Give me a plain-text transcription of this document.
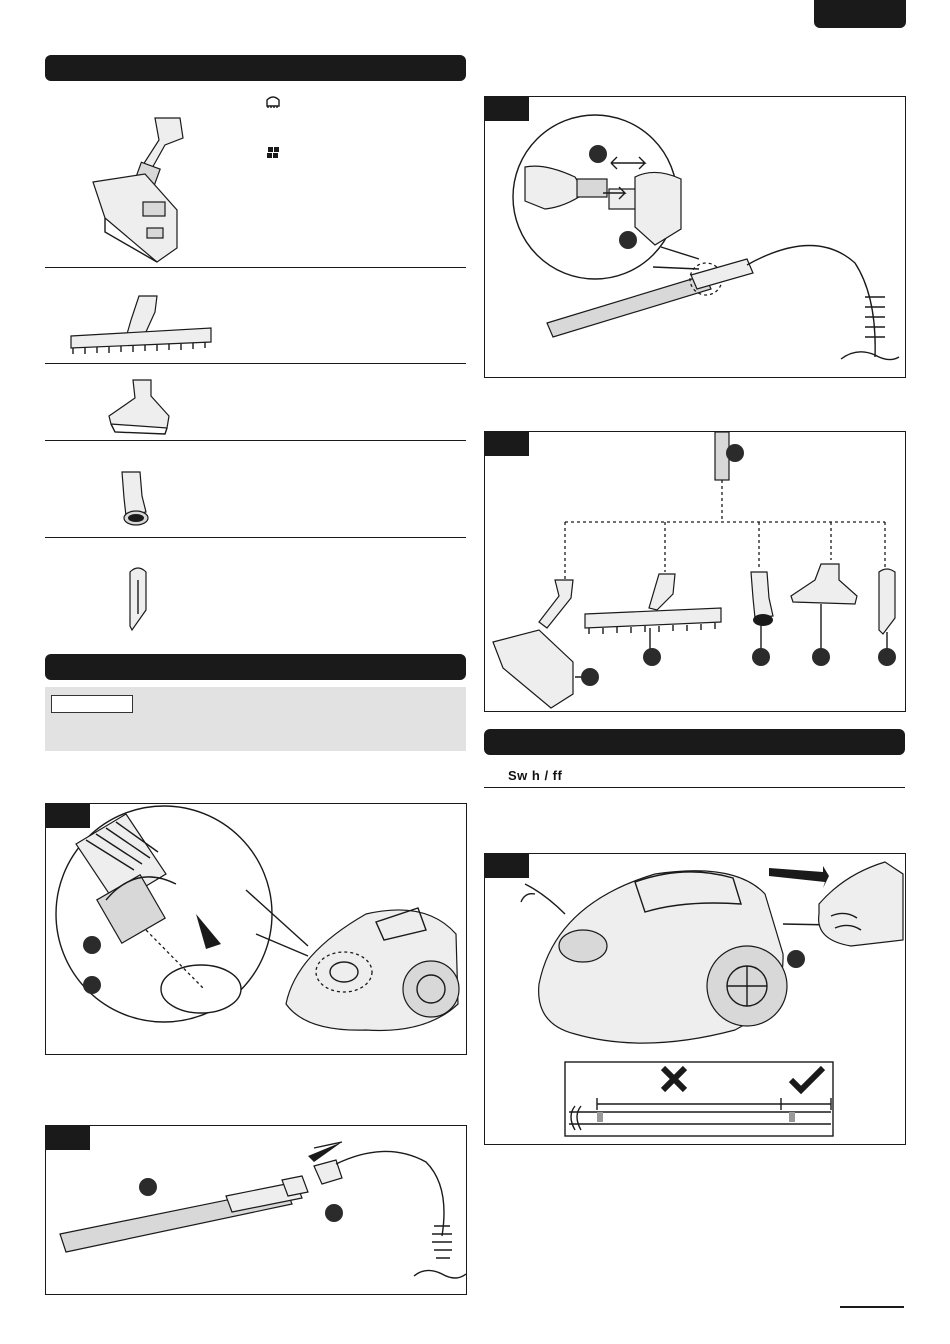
Sw h / ff
